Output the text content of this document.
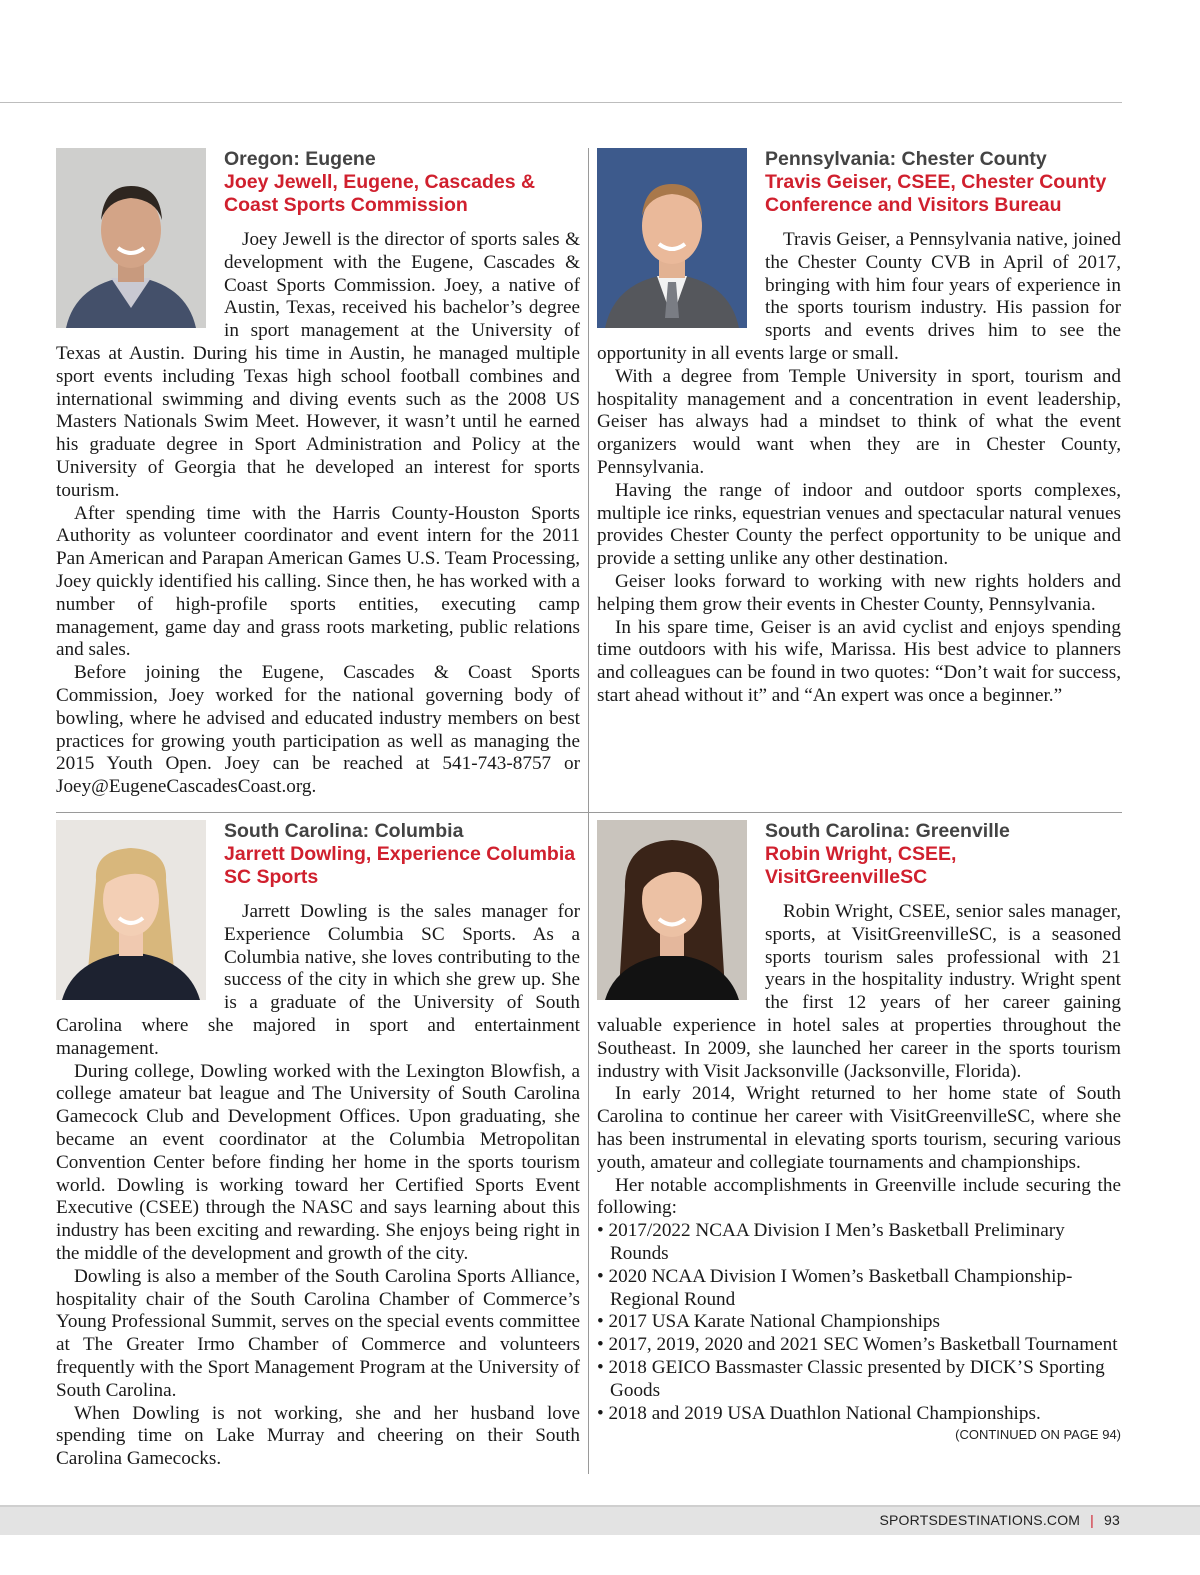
Oregon: Eugene
Joey Jewell, Eugene, Cascades & Coast Sports Commission

Joey Jewell is the director of sports sales & development with the Eugene, Cascades & Coast Sports Commission. Joey, a native of Austin, Texas, received his bachelor’s degree in sport management at the University of Texas at Austin. During his time in Austin, he managed multiple sport events including Texas high school football combines and international swimming and diving events such as the 2008 US Masters Nationals Swim Meet. However, it wasn’t until he earned his graduate degree in Sport Administration and Policy at the University of Georgia that he developed an interest for sports tourism.

After spending time with the Harris County-Houston Sports Authority as volunteer coordinator and event intern for the 2011 Pan American and Parapan American Games U.S. Team Processing, Joey quickly identified his calling. Since then, he has worked with a number of high-profile sports entities, executing camp management, game day and grass roots marketing, public relations and sales.

Before joining the Eugene, Cascades & Coast Sports Commission, Joey worked for the national governing body of bowling, where he advised and educated industry members on best practices for growing youth participation as well as managing the 2015 Youth Open. Joey can be reached at 541-743-8757 or Joey@EugeneCascadesCoast.org.

Pennsylvania: Chester County
Travis Geiser, CSEE, Chester County Conference and Visitors Bureau

Travis Geiser, a Pennsylvania native, joined the Chester County CVB in April of 2017, bringing with him four years of experience in the sports tourism industry. His passion for sports and events drives him to see the opportunity in all events large or small.

With a degree from Temple University in sport, tourism and hospitality management and a concentration in event leadership, Geiser has always had a mindset to think of what the event organizers would want when they are in Chester County, Pennsylvania.

Having the range of indoor and outdoor sports complexes, multiple ice rinks, equestrian venues and spectacular natural venues provides Chester County the perfect opportunity to be unique and provide a setting unlike any other destination.

Geiser looks forward to working with new rights holders and helping them grow their events in Chester County, Pennsylvania.

In his spare time, Geiser is an avid cyclist and enjoys spending time outdoors with his wife, Marissa. His best advice to planners and colleagues can be found in two quotes: “Don’t wait for success, start ahead without it” and “An expert was once a beginner.”

South Carolina: Columbia
Jarrett Dowling, Experience Columbia SC Sports

Jarrett Dowling is the sales manager for Experience Columbia SC Sports. As a Columbia native, she loves contributing to the success of the city in which she grew up. She is a graduate of the University of South Carolina where she majored in sport and entertainment management.

During college, Dowling worked with the Lexington Blowfish, a college amateur bat league and The University of South Carolina Gamecock Club and Development Offices. Upon graduating, she became an event coordinator at the Columbia Metropolitan Convention Center before finding her home in the sports tourism world. Dowling is working toward her Certified Sports Event Executive (CSEE) through the NASC and says learning about this industry has been exciting and rewarding. She enjoys being right in the middle of the development and growth of the city.

Dowling is also a member of the South Carolina Sports Alliance, hospitality chair of the South Carolina Chamber of Commerce’s Young Professional Summit, serves on the special events committee at The Greater Irmo Chamber of Commerce and volunteers frequently with the Sport Management Program at the University of South Carolina.

When Dowling is not working, she and her husband love spending time on Lake Murray and cheering on their South Carolina Gamecocks.

South Carolina: Greenville
Robin Wright, CSEE, VisitGreenvilleSC

Robin Wright, CSEE, senior sales manager, sports, at VisitGreenvilleSC, is a seasoned sports tourism sales professional with 21 years in the hospitality industry. Wright spent the first 12 years of her career gaining valuable experience in hotel sales at properties throughout the Southeast. In 2009, she launched her career in the sports tourism industry with Visit Jacksonville (Jacksonville, Florida).

In early 2014, Wright returned to her home state of South Carolina to continue her career with VisitGreenvilleSC, where she has been instrumental in elevating sports tourism, securing various youth, amateur and collegiate tournaments and championships.

Her notable accomplishments in Greenville include securing the following:

• 2017/2022 NCAA Division I Men’s Basketball Preliminary Rounds
• 2020 NCAA Division I Women’s Basketball Championship-Regional Round
• 2017 USA Karate National Championships
• 2017, 2019, 2020 and 2021 SEC Women’s Basketball Tournament
• 2018 GEICO Bassmaster Classic presented by DICK’S Sporting Goods
• 2018 and 2019 USA Duathlon National Championships.
(CONTINUED ON PAGE 94)
SPORTSDESTINATIONS.COM | 93
